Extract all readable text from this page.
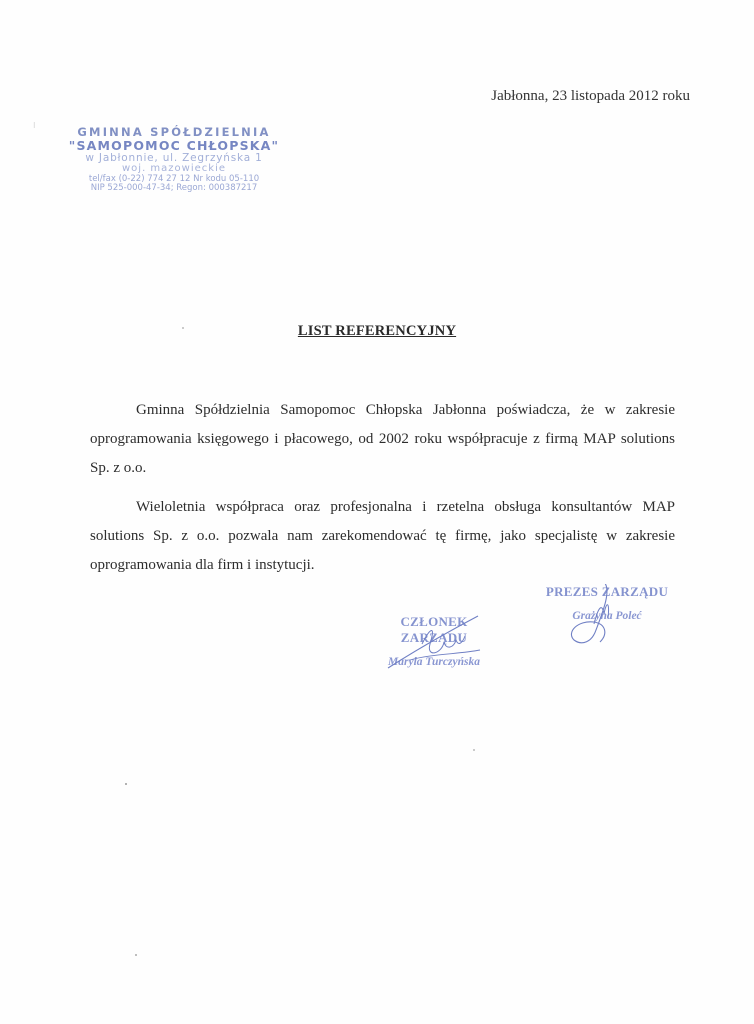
⁝
Jabłonna, 23 listopada 2012 roku
GMINNA SPÓŁDZIELNIA
"SAMOPOMOC CHŁOPSKA"
w Jabłonnie, ul. Zegrzyńska 1
woj. mazowieckie
tel/fax (0-22) 774 27 12 Nr kodu 05-110
NIP 525-000-47-34; Regon: 000387217
LIST REFERENCYJNY

Gminna Spółdzielnia Samopomoc Chłopska Jabłonna poświadcza, że w zakresie oprogramowania księgowego i płacowego, od 2002 roku współpracuje z firmą MAP solutions Sp. z o.o.

Wieloletnia współpraca oraz profesjonalna i rzetelna obsługa konsultantów MAP solutions Sp. z o.o. pozwala nam zarekomendować tę firmę, jako specjalistę w zakresie oprogramowania dla firm i instytucji.

CZŁONEK ZARZĄDU
Maryla Turczyńska
PREZES ZARZĄDU
Grażyna Poleć
